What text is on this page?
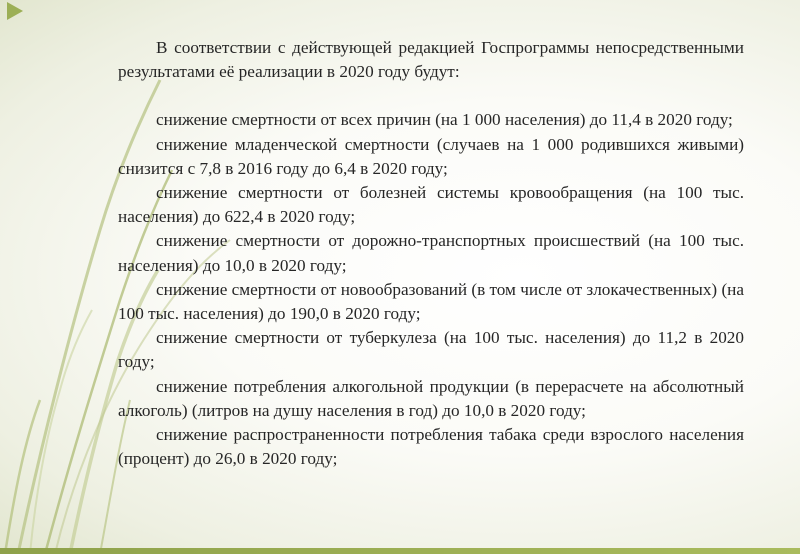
В соответствии с действующей редакцией Госпрограммы непосредственными результатами её реализации в 2020 году будут:

снижение смертности от всех причин (на 1 000 населения) до 11,4 в 2020 году;

снижение младенческой смертности (случаев на 1 000 родившихся живыми) снизится с 7,8 в 2016 году до 6,4 в 2020 году;

снижение смертности от болезней системы кровообращения (на 100 тыс. населения) до 622,4 в 2020 году;

снижение смертности от дорожно-транспортных происшествий (на 100 тыс. населения) до 10,0 в 2020 году;

снижение смертности от новообразований (в том числе от злокачественных) (на 100 тыс. населения) до 190,0 в 2020 году;

снижение смертности от туберкулеза (на 100 тыс. населения) до 11,2 в 2020 году;

снижение потребления алкогольной продукции (в перерасчете на абсолютный алкоголь) (литров на душу населения в год) до 10,0 в 2020 году;

снижение распространенности потребления табака среди взрослого населения (процент) до 26,0 в 2020 году;
